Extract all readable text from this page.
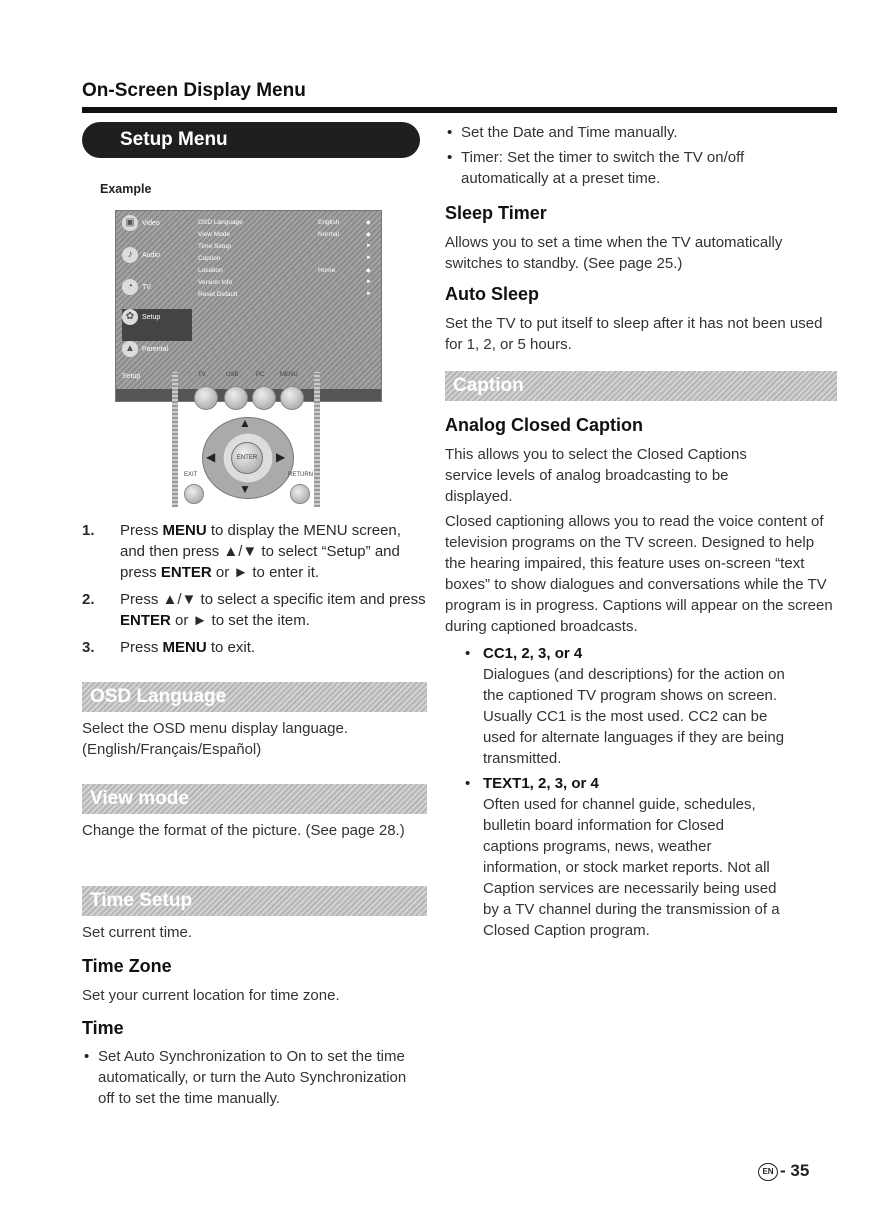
On-Screen Display Menu
Setup Menu
Example
▣ Video
♪ Audio
◔ TV
✿ Setup
▲ Parental
Setup
OSD Language	English	◆
View Mode	Normal	◆
Time Setup	►
Caption	►
Location	Home	◆
Version Info	►
Reset Default	►
TV	USB	PC	MENU
▲
▼
◀	▶
ENTER
EXIT	RETURN
1. Press MENU to display the MENU screen, and then press ▲/▼ to select “Setup” and press ENTER or ► to enter it.
2. Press ▲/▼ to select a specific item and press ENTER or ► to set the item.
3. Press MENU to exit.
OSD Language
Select the OSD menu display language. (English/Français/Español)
View mode
Change the format of the picture. (See page 28.)
Time Setup
Set current time.
Time Zone
Set your current location for time zone.
Time
• Set Auto Synchronization to On to set the time automatically, or turn the Auto Synchronization off to set the time manually.
• Set the Date and Time manually.
• Timer: Set the timer to switch the TV on/off automatically at a preset time.
Sleep Timer
Allows you to set a time when the TV automatically switches to standby. (See page 25.)
Auto Sleep
Set the TV to put itself to sleep after it has not been used for 1, 2, or 5 hours.
Caption
Analog Closed Caption
This allows you to select the Closed Captions service levels of analog broadcasting to be displayed.
Closed captioning allows you to read the voice content of television programs on the TV screen. Designed to help the hearing impaired, this feature uses on-screen “text boxes” to show dialogues and conversations while the TV program is in progress. Captions will appear on the screen during captioned broadcasts.
• CC1, 2, 3, or 4
Dialogues (and descriptions) for the action on the captioned TV program shows on screen. Usually CC1 is the most used. CC2 can be used for alternate languages if they are being transmitted.
• TEXT1, 2, 3, or 4
Often used for channel guide, schedules, bulletin board information for Closed captions programs, news, weather information, or stock market reports. Not all Caption services are necessarily being used by a TV channel during the transmission of a Closed Caption program.
EN - 35
